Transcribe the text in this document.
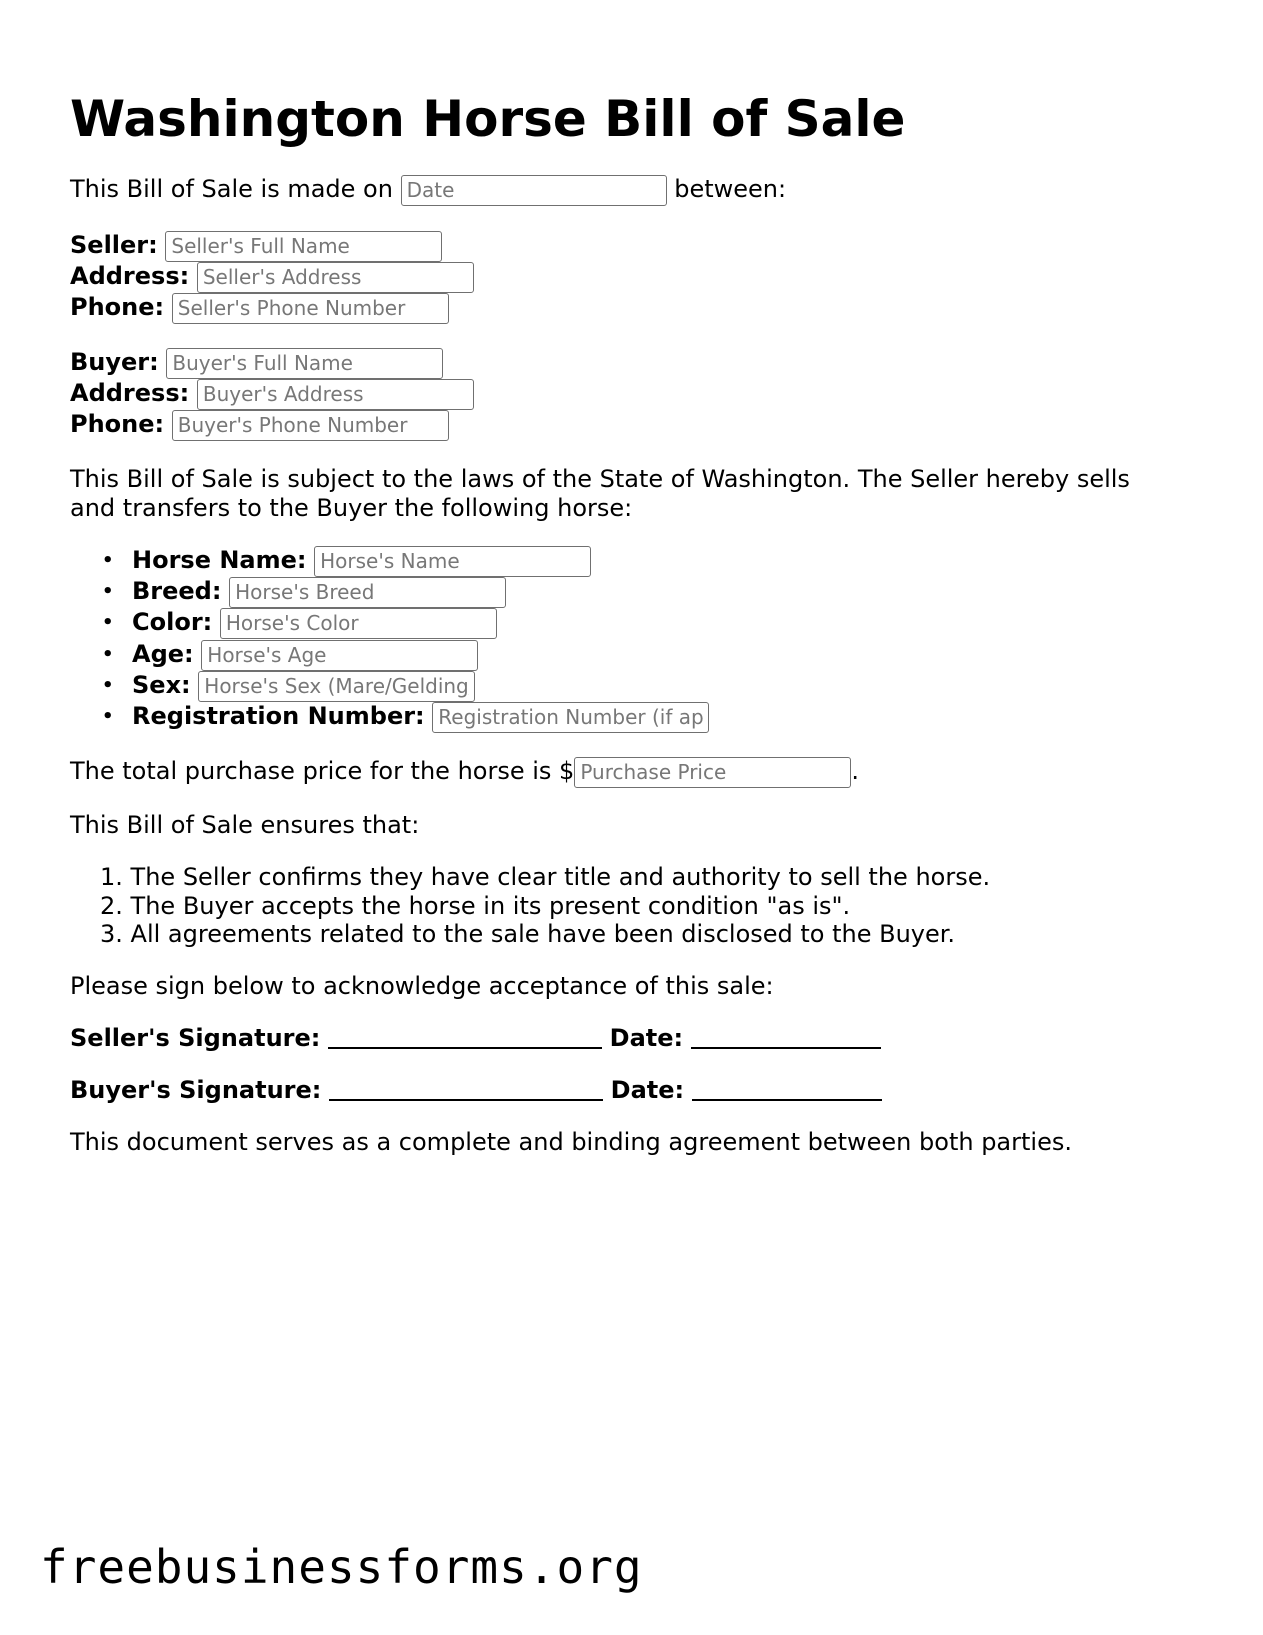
Washington Horse Bill of Sale
This Bill of Sale is made on Date	between:
Seller: Seller's Full Name
Address: Seller's Address
Phone: Seller's Phone Number
Buyer: Buyer's Full Name
Address: Buyer's Address
Phone: Buyer's Phone Number
This Bill of Sale is subject to the laws of the State of Washington. The Seller hereby sells
and transfers to the Buyer the following horse:
• Horse Name: Horse's Name
• Breed: Horse's Breed
• Color: Horse's Color
• Age: Horse's Age
• Sex: Horse's Sex (Mare/Gelding/Stallion)
• Registration Number: Registration Number (if applicable)
The total purchase price for the horse is $Purchase Price	.
This Bill of Sale ensures that:
1. The Seller confirms they have clear title and authority to sell the horse.
2. The Buyer accepts the horse in its present condition "as is".
3. All agreements related to the sale have been disclosed to the Buyer.
Please sign below to acknowledge acceptance of this sale:
Seller's Signature:	Date:
Buyer's Signature:	Date:
This document serves as a complete and binding agreement between both parties.
freebusinessforms.org
